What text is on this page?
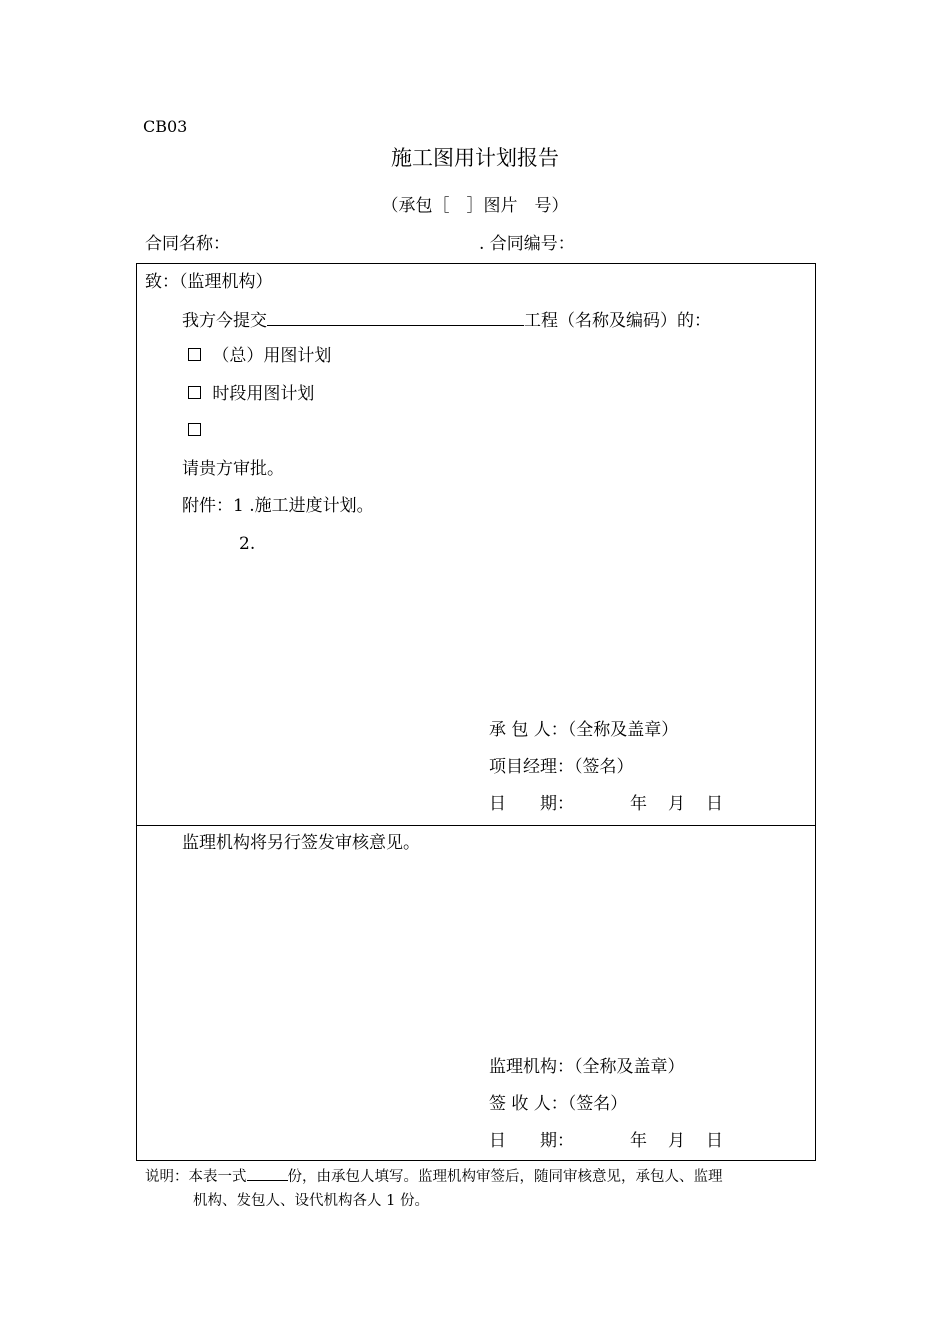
CB03
施工图用计划报告
（承包［　］图片　号）
合同名称：	. 合同编号：
致：（监理机构）
我方今提交	工程（名称及编码）的：
（总）用图计划
时段用图计划
请贵方审批。
附件：1 .施工进度计划。
2.
承 包 人：（全称及盖章）
项目经理：（签名）
日　　期：	年 月 日
监理机构将另行签发审核意见。
监理机构：（全称及盖章）
签 收 人：（签名）
日　　期：	年 月 日
说明：本表一式	份，由承包人填写。监理机构审签后，随同审核意见，承包人、监理
机构、发包人、设代机构各人 1 份。
